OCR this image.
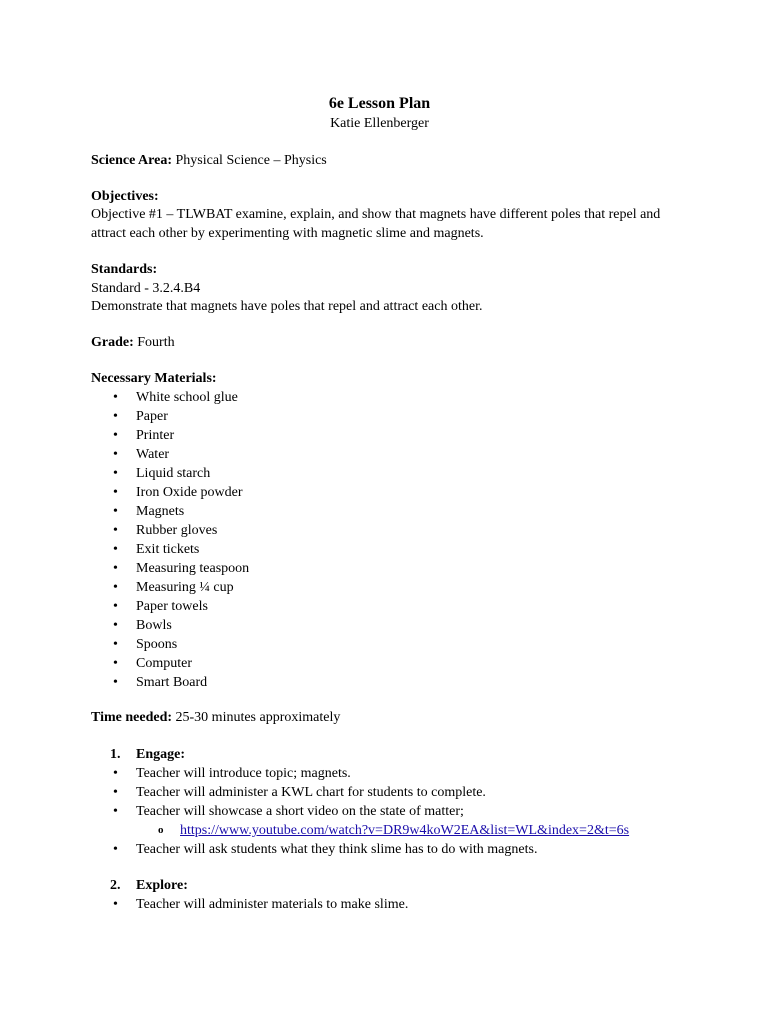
6e Lesson Plan

Katie Ellenberger

Science Area: Physical Science – Physics

Objectives:

Objective #1 – TLWBAT examine, explain, and show that magnets have different poles that repel and attract each other by experimenting with magnetic slime and magnets.

Standards:

Standard - 3.2.4.B4

Demonstrate that magnets have poles that repel and attract each other.

Grade: Fourth

Necessary Materials:

• White school glue
• Paper
• Printer
• Water
• Liquid starch
• Iron Oxide powder
• Magnets
• Rubber gloves
• Exit tickets
• Measuring teaspoon
• Measuring ¼ cup
• Paper towels
• Bowls
• Spoons
• Computer
• Smart Board

Time needed: 25-30 minutes approximately

1. Engage:
• Teacher will introduce topic; magnets.
• Teacher will administer a KWL chart for students to complete.
• Teacher will showcase a short video on the state of matter;
o https://www.youtube.com/watch?v=DR9w4koW2EA&list=WL&index=2&t=6s
• Teacher will ask students what they think slime has to do with magnets.
2. Explore:
• Teacher will administer materials to make slime.
